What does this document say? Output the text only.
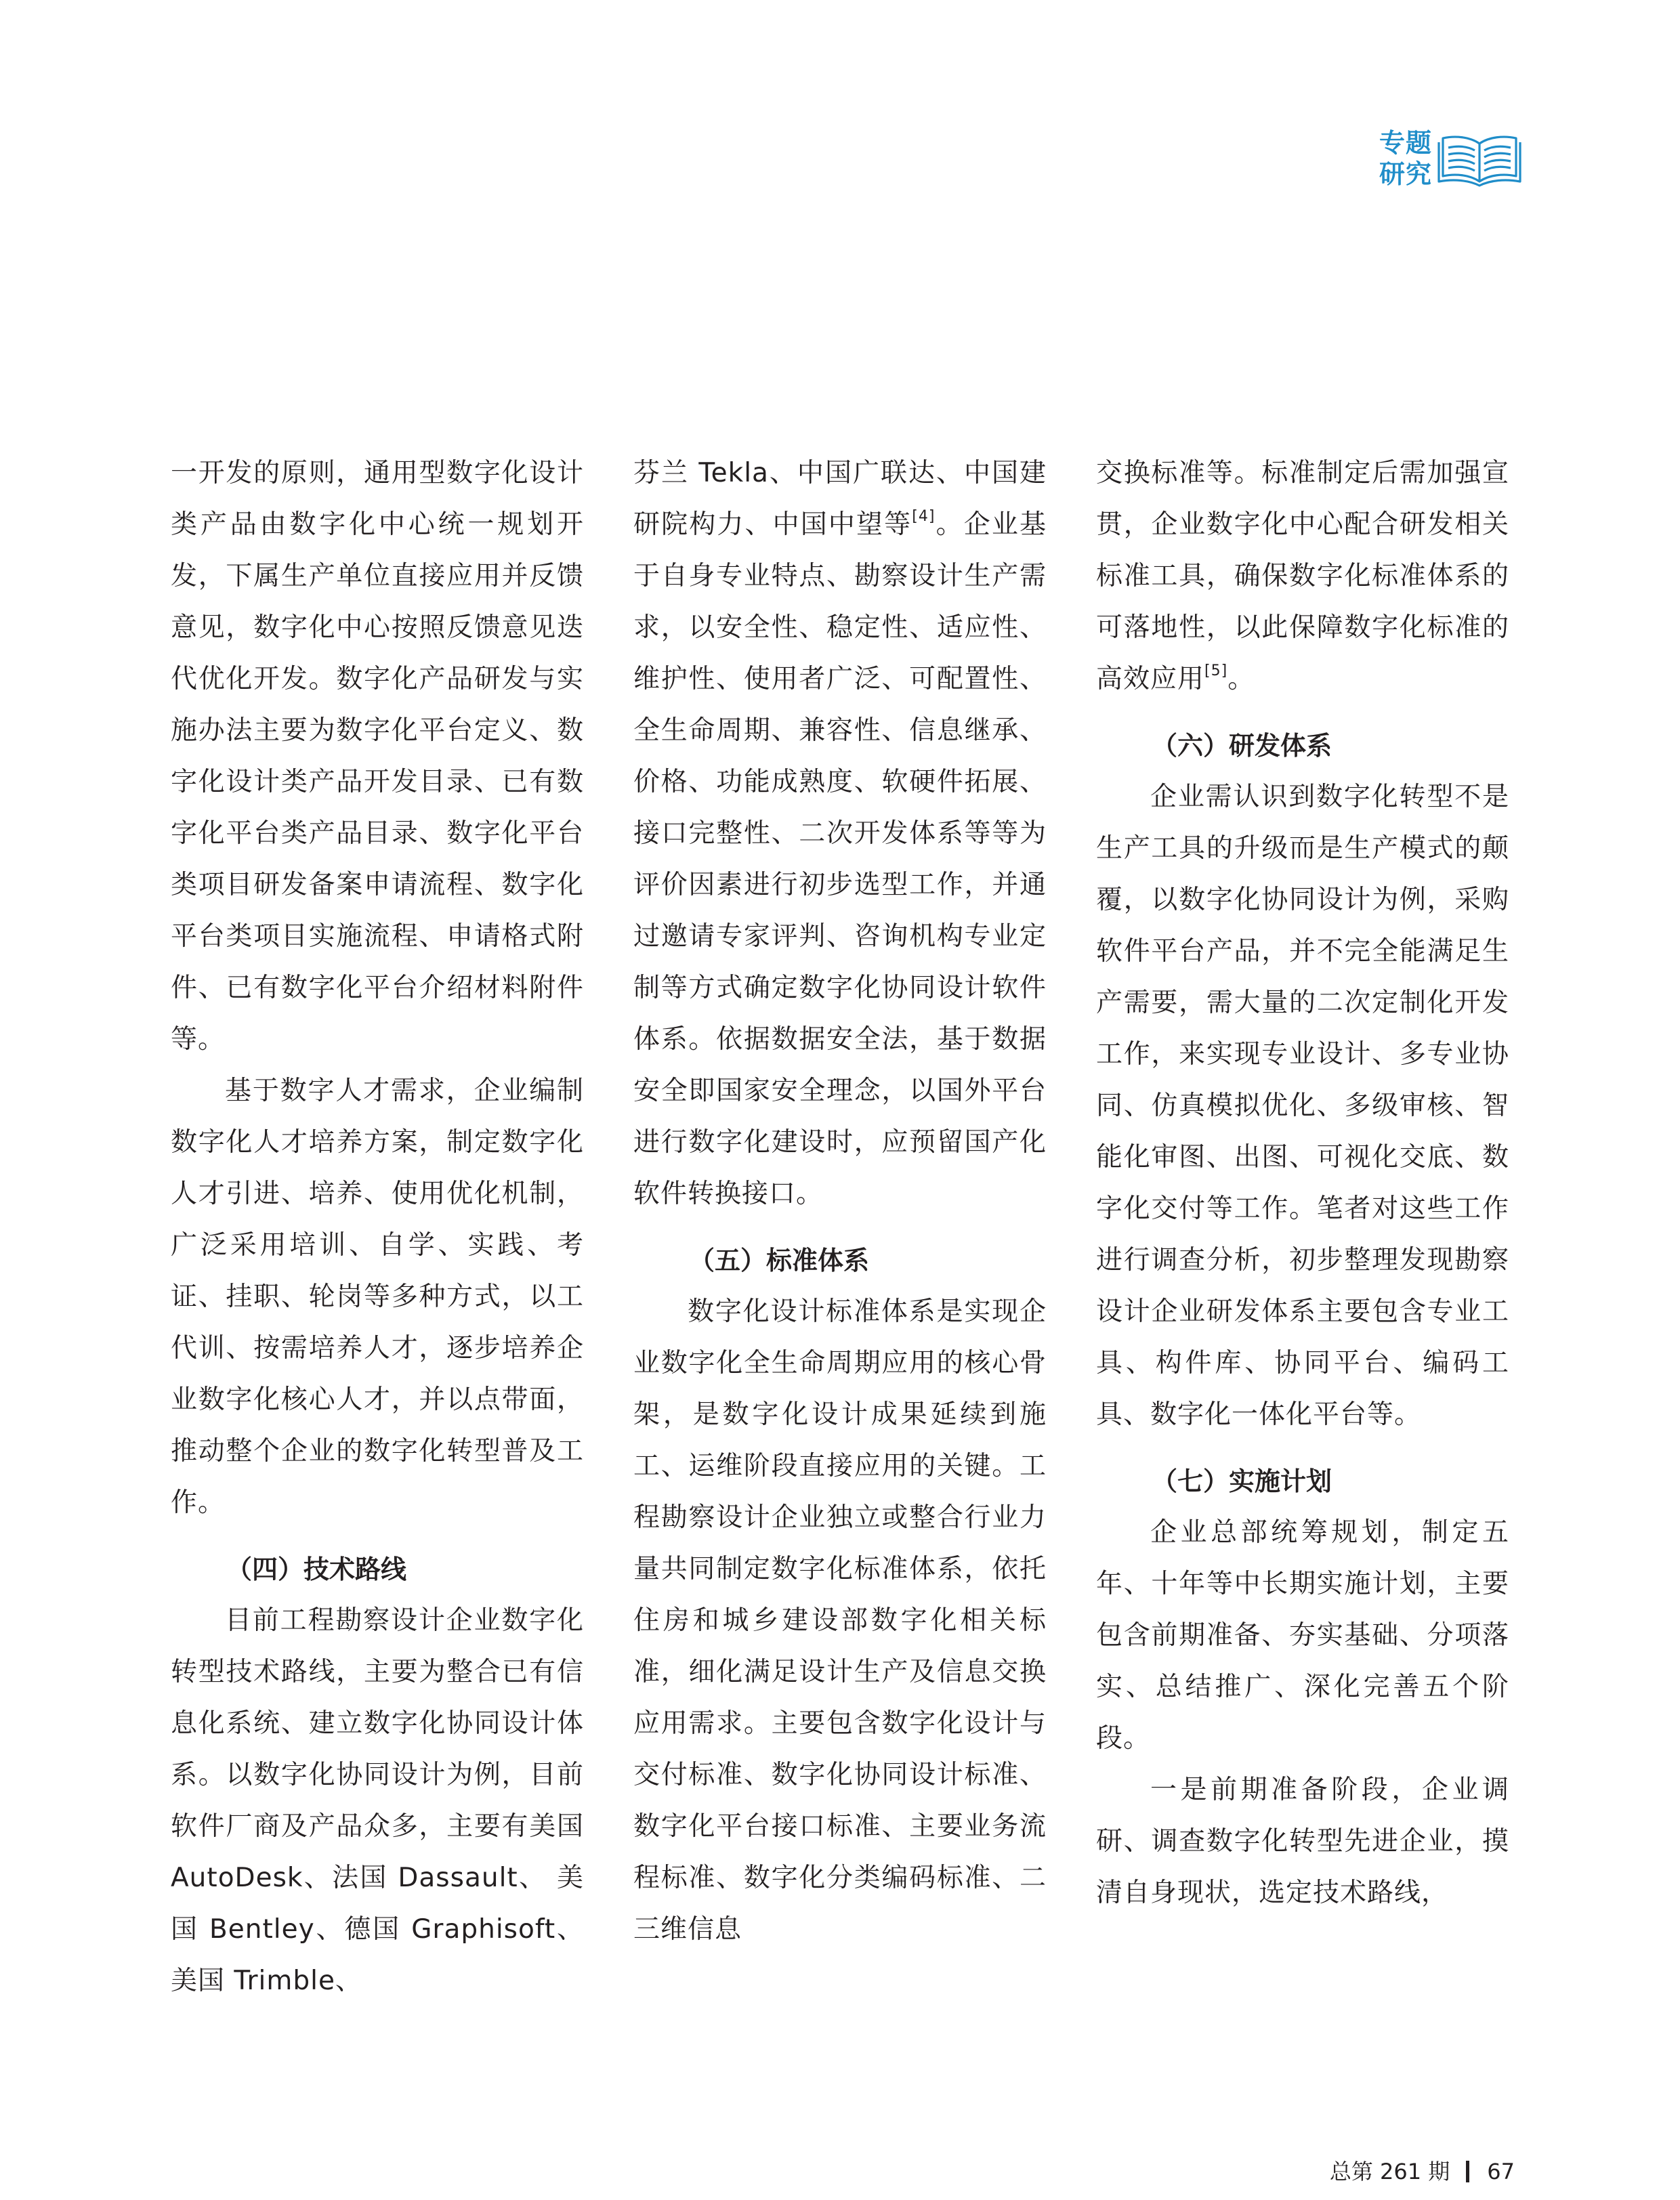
专题
研究

一开发的原则，通用型数字化设计类产品由数字化中心统一规划开发，下属生产单位直接应用并反馈意见，数字化中心按照反馈意见迭代优化开发。数字化产品研发与实施办法主要为数字化平台定义、数字化设计类产品开发目录、已有数字化平台类产品目录、数字化平台类项目研发备案申请流程、数字化平台类项目实施流程、申请格式附件、已有数字化平台介绍材料附件等。

基于数字人才需求，企业编制数字化人才培养方案，制定数字化人才引进、培养、使用优化机制，广泛采用培训、自学、实践、考证、挂职、轮岗等多种方式，以工代训、按需培养人才，逐步培养企业数字化核心人才，并以点带面，推动整个企业的数字化转型普及工作。

（四）技术路线

目前工程勘察设计企业数字化转型技术路线，主要为整合已有信息化系统、建立数字化协同设计体系。以数字化协同设计为例，目前软件厂商及产品众多，主要有美国 AutoDesk、法国 Dassault、 美 国 Bentley、德国 Graphisoft、美国 Trimble、

芬兰 Tekla、中国广联达、中国建研院构力、中国中望等[4]。企业基于自身专业特点、勘察设计生产需求，以安全性、稳定性、适应性、维护性、使用者广泛、可配置性、全生命周期、兼容性、信息继承、价格、功能成熟度、软硬件拓展、接口完整性、二次开发体系等等为评价因素进行初步选型工作，并通过邀请专家评判、咨询机构专业定制等方式确定数字化协同设计软件体系。依据数据安全法，基于数据安全即国家安全理念，以国外平台进行数字化建设时，应预留国产化软件转换接口。

（五）标准体系

数字化设计标准体系是实现企业数字化全生命周期应用的核心骨架，是数字化设计成果延续到施工、运维阶段直接应用的关键。工程勘察设计企业独立或整合行业力量共同制定数字化标准体系，依托住房和城乡建设部数字化相关标准，细化满足设计生产及信息交换应用需求。主要包含数字化设计与交付标准、数字化协同设计标准、数字化平台接口标准、主要业务流程标准、数字化分类编码标准、二三维信息

交换标准等。标准制定后需加强宣贯，企业数字化中心配合研发相关标准工具，确保数字化标准体系的可落地性，以此保障数字化标准的高效应用[5]。

（六）研发体系

企业需认识到数字化转型不是生产工具的升级而是生产模式的颠覆，以数字化协同设计为例，采购软件平台产品，并不完全能满足生产需要，需大量的二次定制化开发工作，来实现专业设计、多专业协同、仿真模拟优化、多级审核、智能化审图、出图、可视化交底、数字化交付等工作。笔者对这些工作进行调查分析，初步整理发现勘察设计企业研发体系主要包含专业工具、构件库、协同平台、编码工具、数字化一体化平台等。

（七）实施计划

企业总部统筹规划，制定五年、十年等中长期实施计划，主要包含前期准备、夯实基础、分项落实、总结推广、深化完善五个阶段。

一是前期准备阶段，企业调研、调查数字化转型先进企业，摸清自身现状，选定技术路线，

总第 261 期 67
